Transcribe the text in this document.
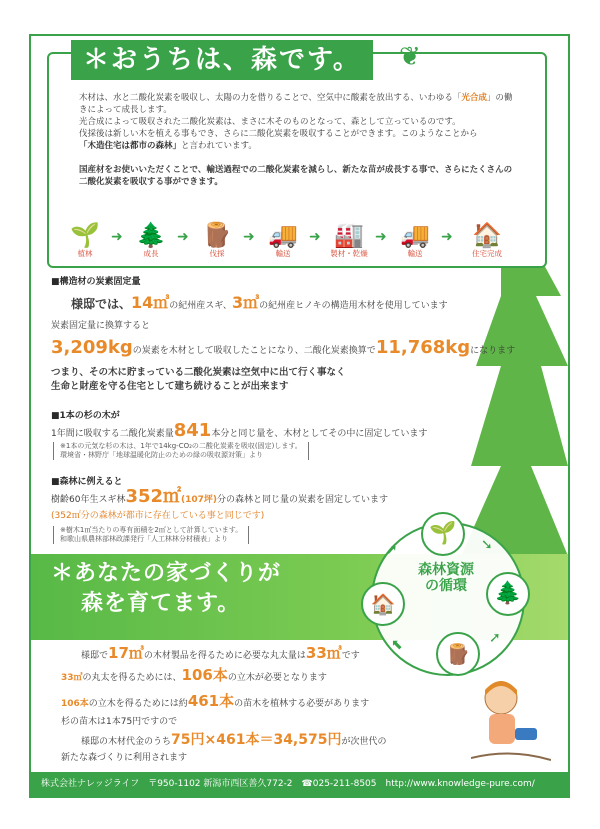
＊おうちは、森です。	❦
木材は、水と二酸化炭素を吸収し、太陽の力を借りることで、空気中に酸素を放出する、いわゆる「光合成」の働きによって成長します。
光合成によって吸収された二酸化炭素は、まさに木そのものとなって、森として立っているのです。
伐採後は新しい木を植える事もでき、さらに二酸化炭素を吸収することができます。このようなことから
「木造住宅は都市の森林」と言われています。
国産材をお使いいただくことで、輸送過程での二酸化炭素を減らし、新たな苗が成長する事で、さらにたくさんの二酸化炭素を吸収する事ができます。
🌱
植林
➜ 🌲
成長
➜ 🪵
伐採
➜ 🚚
輸送
➜ 🏭
製材・乾燥
➜ 🚚
輸送
➜ 🏠
住宅完成
■構造材の炭素固定量
様邸では、14㎥の紀州産スギ、3㎥の紀州産ヒノキの構造用木材を使用しています
炭素固定量に換算すると
3,209kgの炭素を木材として吸収したことになり、二酸化炭素換算で11,768kgになります
つまり、その木に貯まっている二酸化炭素は空気中に出て行く事なく
生命と財産を守る住宅として建ち続けることが出来ます
■1本の杉の木が
1年間に吸収する二酸化炭素量841本分と同じ量を、木材としてその中に固定しています
※1本の元気な杉の木は、1年で14kg-CO₂の二酸化炭素を吸収(固定)します。
環境省・林野庁「地球温暖化防止のための緑の吸収源対策」より
■森林に例えると
樹齢60年生スギ林352㎡(107坪)分の森林と同じ量の炭素を固定しています
(352㎡分の森林が都市に存在している事と同じです)
※樹木1㎡当たりの専有面積を2㎡として計算しています。
和歌山県農林部林政課発行「人工林林分材積表」より
＊あなたの家づくりが
森を育てます。
🌱
🌲
🪵
🏠
➘
➚
⬉
➚
森林資源の循環
様邸で17㎥の木材製品を得るために必要な丸太量は33㎥です
33㎥の丸太を得るためには、106本の立木が必要となります
106本の立木を得るためには約461本の苗木を植林する必要があります
杉の苗木は1本75円ですので
様邸の木材代金のうち75円×461本＝34,575円が次世代の
新たな森づくりに利用されます
株式会社ナレッジライフ　〒950-1102 新潟市西区善久772-2　☎025-211-8505　http://www.knowledge-pure.com/
